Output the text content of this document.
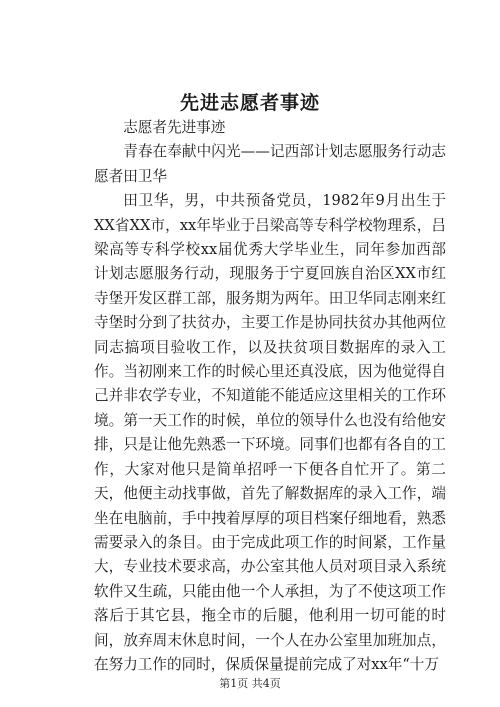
先进志愿者事迹

志愿者先进事迹

青春在奉献中闪光——记西部计划志愿服务行动志愿者田卫华

田卫华，男，中共预备党员，1982年9月出生于XX省XX市，xx年毕业于吕梁高等专科学校物理系，吕梁高等专科学校xx届优秀大学毕业生，同年参加西部计划志愿服务行动，现服务于宁夏回族自治区XX市红寺堡开发区群工部，服务期为两年。田卫华同志刚来红寺堡时分到了扶贫办，主要工作是协同扶贫办其他两位同志搞项目验收工作，以及扶贫项目数据库的录入工作。当初刚来工作的时候心里还真没底，因为他觉得自己并非农学专业，不知道能不能适应这里相关的工作环境。第一天工作的时候，单位的领导什么也没有给他安排，只是让他先熟悉一下环境。同事们也都有各自的工作，大家对他只是简单招呼一下便各自忙开了。第二天，他便主动找事做，首先了解数据库的录入工作，端坐在电脑前，手中拽着厚厚的项目档案仔细地看，熟悉需要录入的条目。由于完成此项工作的时间紧，工作量大，专业技术要求高，办公室其他人员对项目录入系统软件又生疏，只能由他一个人承担，为了不使这项工作落后于其它县，拖全市的后腿，他利用一切可能的时间，放弃周末休息时间，一个人在办公室里加班加点，在努力工作的同时，保质保量提前完成了对xx年“十万

第1页 共4页
